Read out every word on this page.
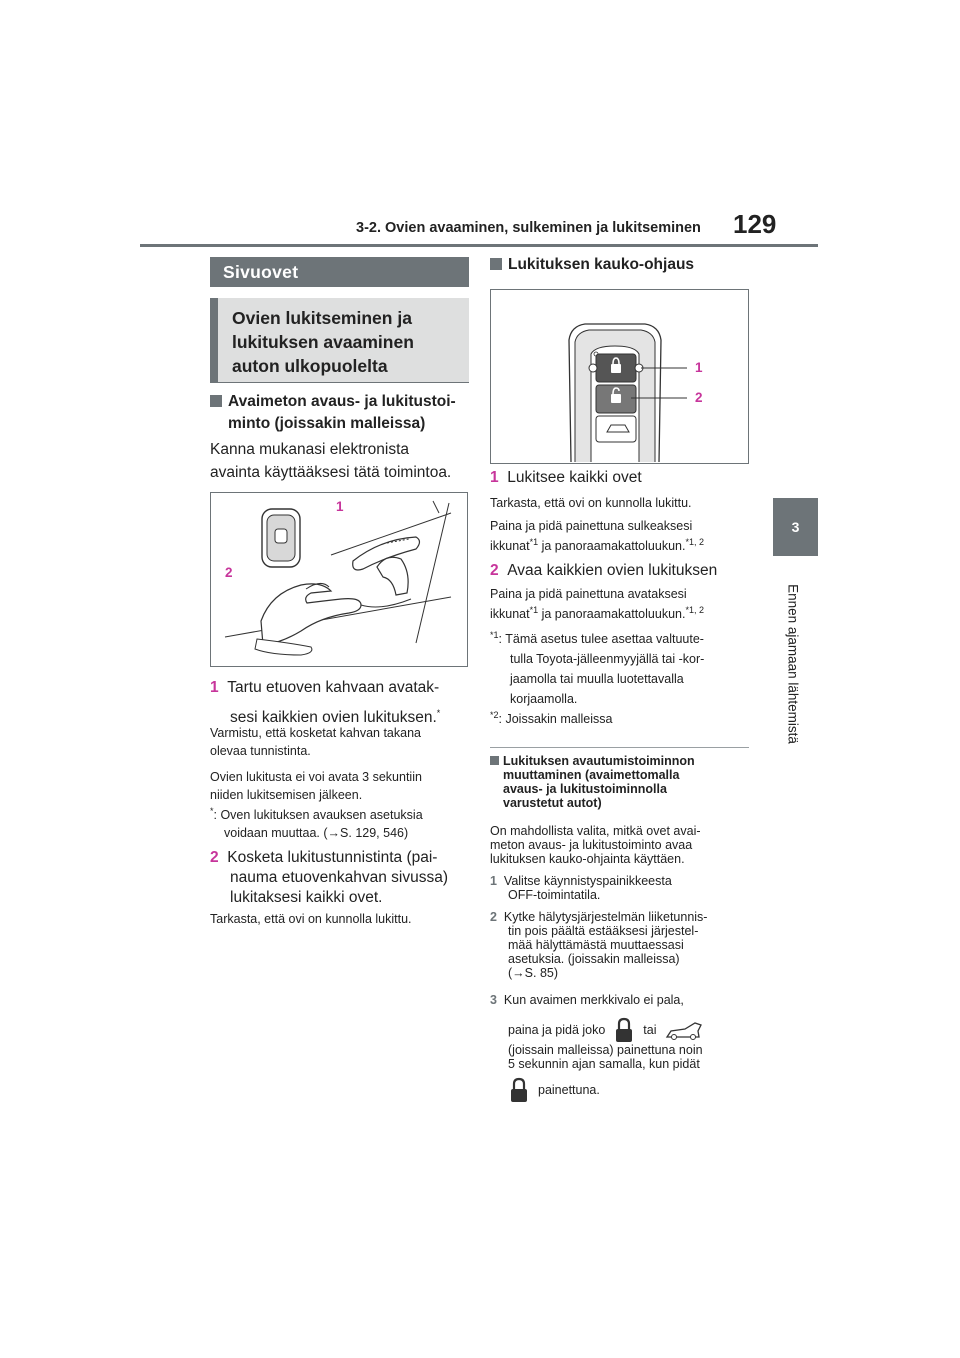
3-2. Ovien avaaminen, sulkeminen ja lukitseminen 129
3
Ennen ajamaan lähtemistä
Sivuovet
Ovien lukitseminen ja lukituksen avaaminen auton ulkopuolelta
Avaimeton avaus- ja lukitustoi-
minto (joissakin malleissa)
Kanna mukanasi elektronista
avainta käyttääksesi tätä toimintoa.
1
2
1 Tartu etuoven kahvaan avatak-
sesi kaikkien ovien lukituksen.*
Varmistu, että kosketat kahvan takana
olevaa tunnistinta.
Ovien lukitusta ei voi avata 3 sekuntiin
niiden lukitsemisen jälkeen.
*: Oven lukituksen avauksen asetuksia
voidaan muuttaa. (→S. 129, 546)
2 Kosketa lukitustunnistinta (pai-
nauma etuovenkahvan sivussa)
lukitaksesi kaikki ovet.
Tarkasta, että ovi on kunnolla lukittu.
Lukituksen kauko-ohjaus
1
2
1 Lukitsee kaikki ovet
Tarkasta, että ovi on kunnolla lukittu.
Paina ja pidä painettuna sulkeaksesi
ikkunat$^{*1}$ ja panoraamakattoluukun.$^{*1, 2}$
2 Avaa kaikkien ovien lukituksen
Paina ja pidä painettuna avataksesi
ikkunat$^{*1}$ ja panoraamakattoluukun.$^{*1, 2}$
$^{*1}$: Tämä asetus tulee asettaa valtuute-
tulla Toyota-jälleenmyyjällä tai -kor-
jaamolla tai muulla luotettavalla
korjaamolla.
$^{*2}$: Joissakin malleissa
Lukituksen avautumistoiminnon
muuttaminen (avaimettomalla
avaus- ja lukitustoiminnolla
varustetut autot)
On mahdollista valita, mitkä ovet avai-
meton avaus- ja lukitustoiminto avaa
lukituksen kauko-ohjainta käyttäen.
1 Valitse käynnistyspainikkeesta
OFF-toimintatila.
2 Kytke hälytysjärjestelmän liiketunnis-
tin pois päältä estääksesi järjestel-
mää hälyttämästä muuttaessasi
asetuksia. (joissakin malleissa)
(→S. 85)
3 Kun avaimen merkkivalo ei pala,
paina ja pidä joko	tai
(joissain malleissa) painettuna noin
5 sekunnin ajan samalla, kun pidät
painettuna.
